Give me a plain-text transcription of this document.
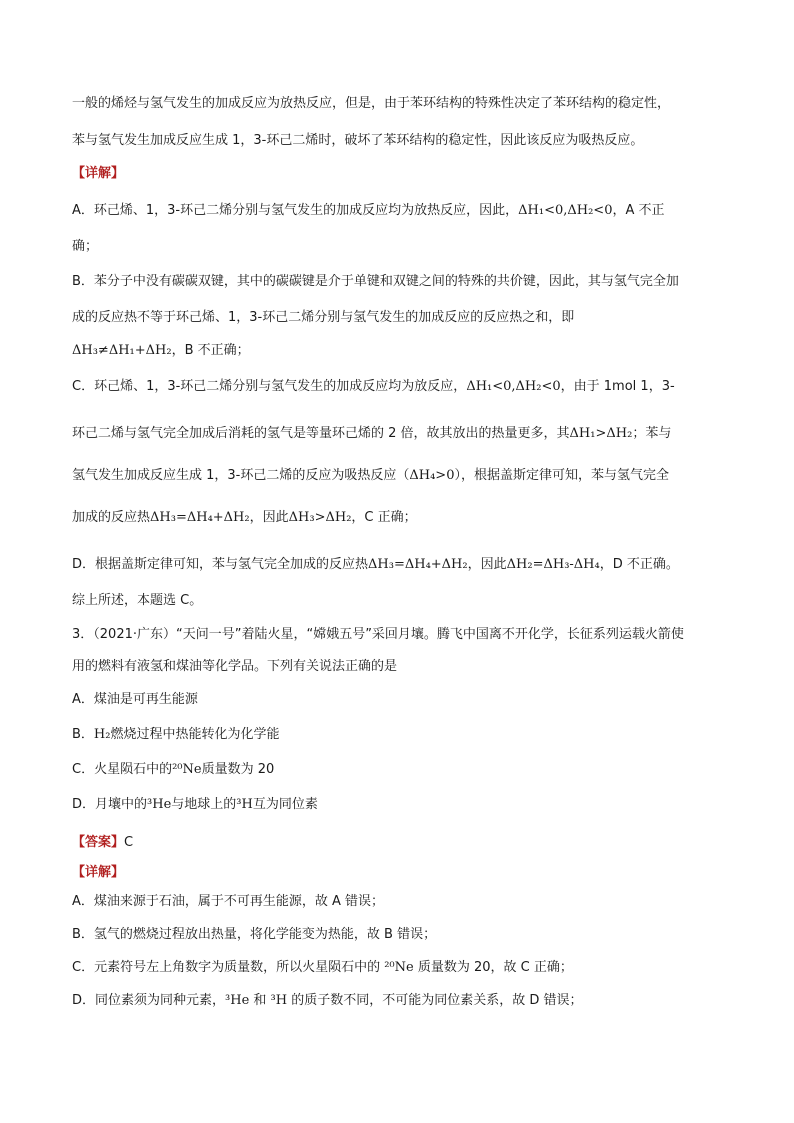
一般的烯烃与氢气发生的加成反应为放热反应，但是，由于苯环结构的特殊性决定了苯环结构的稳定性，
苯与氢气发生加成反应生成 1，3-环己二烯时，破坏了苯环结构的稳定性，因此该反应为吸热反应。
【详解】
A．环己烯、1，3-环己二烯分别与氢气发生的加成反应均为放热反应，因此，ΔH₁<0,ΔH₂<0，A 不正
确；
B．苯分子中没有碳碳双键，其中的碳碳键是介于单键和双键之间的特殊的共价键，因此，其与氢气完全加
成的反应热不等于环己烯、1，3-环己二烯分别与氢气发生的加成反应的反应热之和，即
ΔH₃≠ΔH₁+ΔH₂，B 不正确；
C．环己烯、1，3-环己二烯分别与氢气发生的加成反应均为放反应，ΔH₁<0,ΔH₂<0，由于 1mol 1，3-
环己二烯与氢气完全加成后消耗的氢气是等量环己烯的 2 倍，故其放出的热量更多，其ΔH₁>ΔH₂；苯与
氢气发生加成反应生成 1，3-环己二烯的反应为吸热反应（ΔH₄>0），根据盖斯定律可知，苯与氢气完全
加成的反应热ΔH₃=ΔH₄+ΔH₂，因此ΔH₃>ΔH₂，C 正确；
D．根据盖斯定律可知，苯与氢气完全加成的反应热ΔH₃=ΔH₄+ΔH₂，因此ΔH₂=ΔH₃-ΔH₄，D 不正确。
综上所述，本题选 C。
3．（2021·广东）“天问一号”着陆火星，“嫦娥五号”采回月壤。腾飞中国离不开化学，长征系列运载火箭使
用的燃料有液氢和煤油等化学品。下列有关说法正确的是
A．煤油是可再生能源
B．H₂燃烧过程中热能转化为化学能
C．火星陨石中的²⁰Ne质量数为 20
D．月壤中的³He与地球上的³H互为同位素
【答案】C
【详解】
A．煤油来源于石油，属于不可再生能源，故 A 错误；
B．氢气的燃烧过程放出热量，将化学能变为热能，故 B 错误；
C．元素符号左上角数字为质量数，所以火星陨石中的 ²⁰Ne 质量数为 20，故 C 正确；
D．同位素须为同种元素，³He 和 ³H 的质子数不同，不可能为同位素关系，故 D 错误；
